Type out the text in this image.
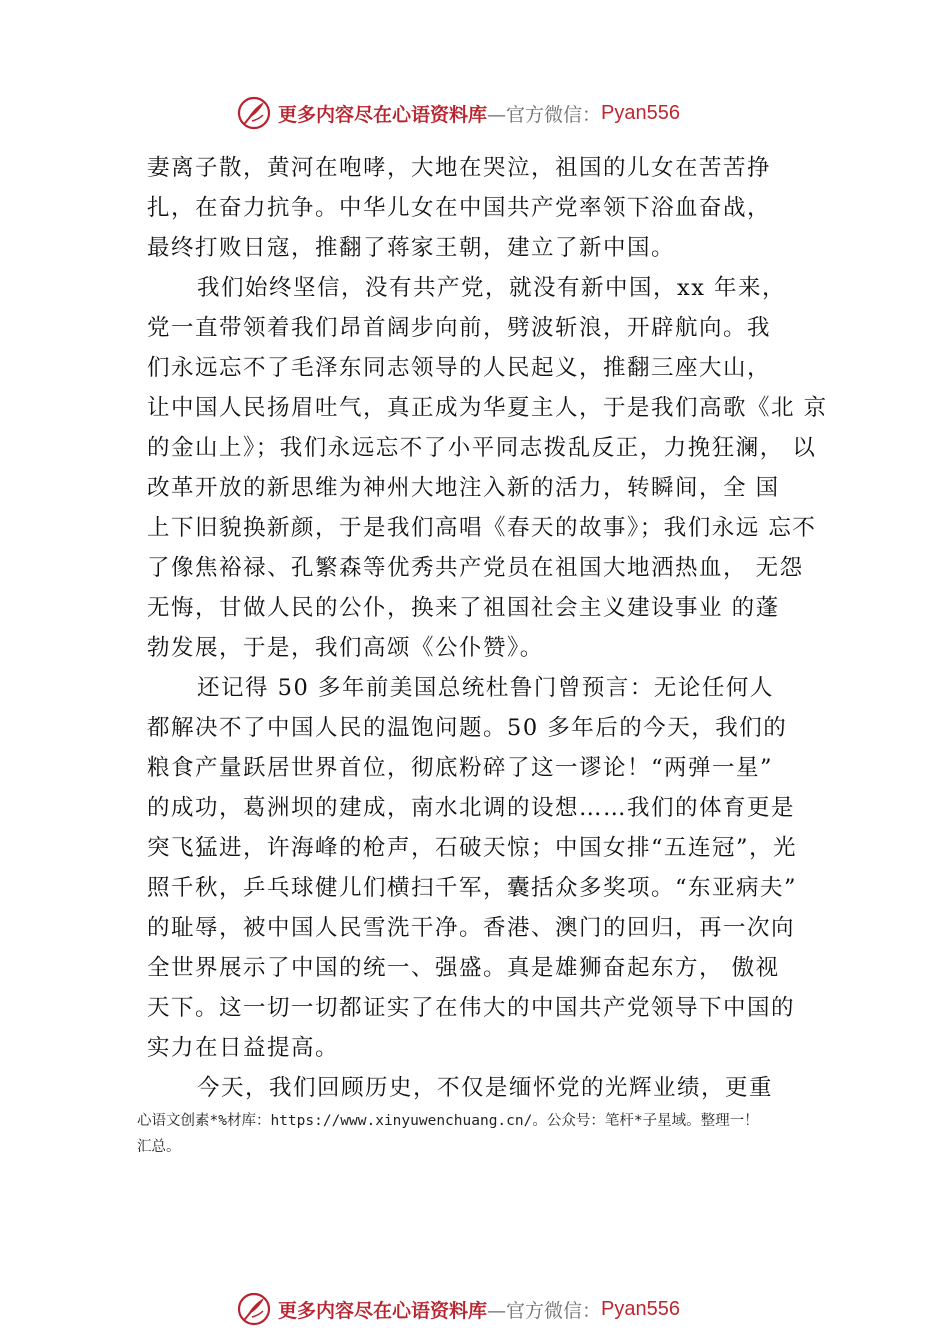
更多内容尽在心语资料库 —官方微信： Pyan556
妻离子散，黄河在咆哮，大地在哭泣，祖国的儿女在苦苦挣
扎，在奋力抗争。中华儿女在中国共产党率领下浴血奋战，
最终打败日寇，推翻了蒋家王朝，建立了新中国。
我们始终坚信，没有共产党，就没有新中国，xx 年来，
党一直带领着我们昂首阔步向前，劈波斩浪，开辟航向。我
们永远忘不了毛泽东同志领导的人民起义，推翻三座大山，
让中国人民扬眉吐气，真正成为华夏主人，于是我们高歌《北 京
的金山上》；我们永远忘不了小平同志拨乱反正，力挽狂澜， 以
改革开放的新思维为神州大地注入新的活力，转瞬间，全 国
上下旧貌换新颜，于是我们高唱《春天的故事》；我们永远 忘不
了像焦裕禄、孔繁森等优秀共产党员在祖国大地洒热血， 无怨
无悔，甘做人民的公仆，换来了祖国社会主义建设事业 的蓬
勃发展，于是，我们高颂《公仆赞》。
还记得 50 多年前美国总统杜鲁门曾预言：无论任何人
都解决不了中国人民的温饱问题。50 多年后的今天，我们的
粮食产量跃居世界首位，彻底粉碎了这一谬论！“两弹一星”
的成功，葛洲坝的建成，南水北调的设想……我们的体育更是
突飞猛进，许海峰的枪声，石破天惊；中国女排“五连冠”，光
照千秋，乒乓球健儿们横扫千军，囊括众多奖项。“东亚病夫”
的耻辱，被中国人民雪洗干净。香港、澳门的回归，再一次向
全世界展示了中国的统一、强盛。真是雄狮奋起东方， 傲视
天下。这一切一切都证实了在伟大的中国共产党领导下中国的
实力在日益提高。
今天，我们回顾历史，不仅是缅怀党的光辉业绩，更重
心语文创素*%材库：https://www.xinyuwenchuang.cn/。公众号：笔杆*子星域。整理一！
汇总。
更多内容尽在心语资料库 —官方微信： Pyan556
